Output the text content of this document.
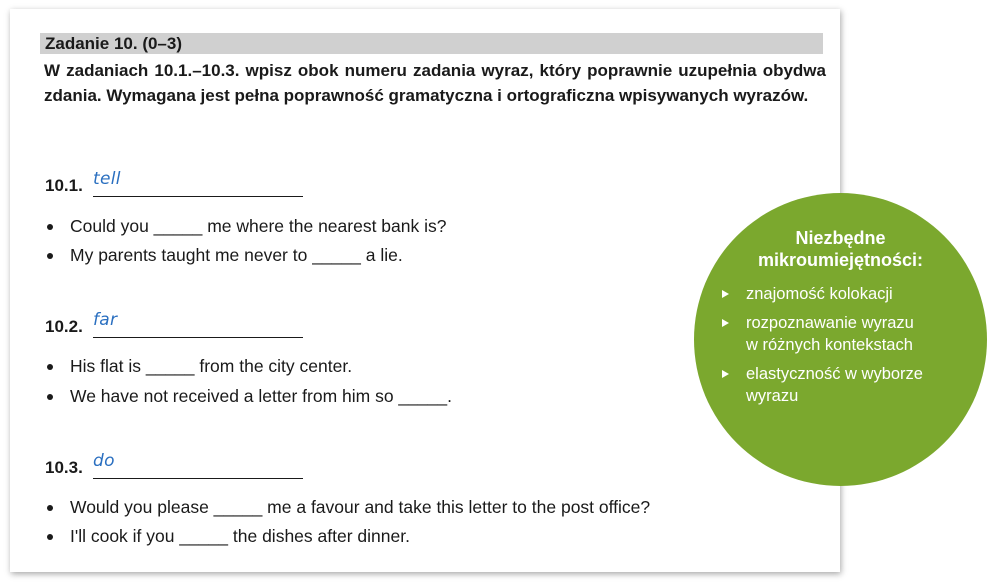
Zadanie 10. (0–3)
W zadaniach 10.1.–10.3. wpisz obok numeru zadania wyraz, który poprawnie uzupełnia obydwa zdania. Wymagana jest pełna poprawność gramatyczna i ortograficzna wpisywanych wyrazów.
10.1. tell
Could you _____ me where the nearest bank is?
My parents taught me never to _____ a lie.
10.2. far
His flat is _____ from the city center.
We have not received a letter from him so _____.
10.3. do
Would you please _____ me a favour and take this letter to the post office?
I'll cook if you _____ the dishes after dinner.
Niezbędne
mikroumiejętności:
znajomość kolokacji
rozpoznawanie wyrazu
w różnych kontekstach
elastyczność w wyborze
wyrazu
